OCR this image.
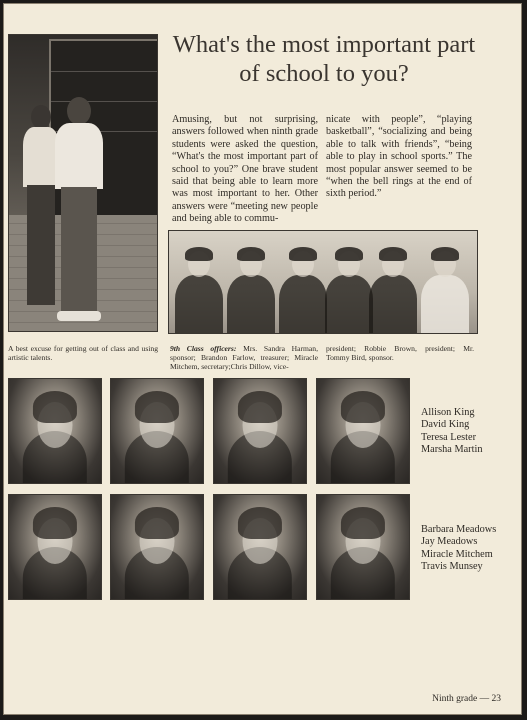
What's the most important part of school to you?

Amusing, but not surprising, answers followed when ninth grade students were asked the question, “What's the most important part of school to you?” One brave student said that being able to learn more was most important to her. Other answers were “meeting new people and being able to commu-

nicate with people”, “playing basketball”, “socializing and being able to talk with friends”, “being able to play in school sports.” The most popular answer seemed to be “when the bell rings at the end of sixth period.”

A best excuse for getting out of class and using artistic talents.

9th Class officers: Mrs. Sandra Harman, sponsor; Brandon Farlow, treasurer; Miracle Mitchem, secretary;Chris Dillow, vice-

president; Robbie Brown, president; Mr. Tommy Bird, sponsor.

Allison King
David King
Teresa Lester
Marsha Martin
Barbara Meadows
Jay Meadows
Miracle Mitchem
Travis Munsey

Ninth grade — 23
